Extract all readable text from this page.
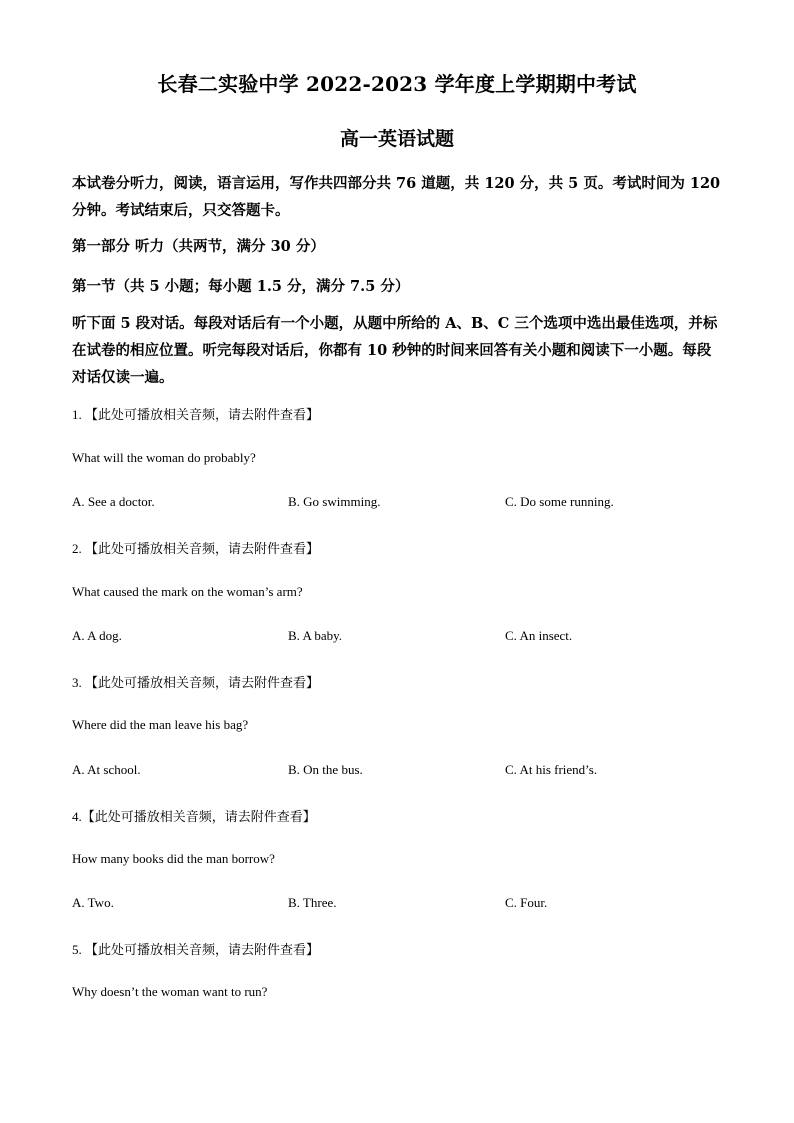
长春二实验中学 2022-2023 学年度上学期期中考试
高一英语试题

本试卷分听力，阅读，语言运用，写作共四部分共 76 道题，共 120 分，共 5 页。考试时间为 120 分钟。考试结束后，只交答题卡。

第一部分 听力（共两节，满分 30 分）

第一节（共 5 小题；每小题 1.5 分，满分 7.5 分）

听下面 5 段对话。每段对话后有一个小题，从题中所给的 A、B、C 三个选项中选出最佳选项，并标在试卷的相应位置。听完每段对话后，你都有 10 秒钟的时间来回答有关小题和阅读下一小题。每段对话仅读一遍。

1. 【此处可播放相关音频，请去附件查看】

What will the woman do probably?

A. See a doctor.	B. Go swimming.	C. Do some running.

2. 【此处可播放相关音频，请去附件查看】

What caused the mark on the woman’s arm?

A. A dog.	B. A baby.	C. An insect.

3. 【此处可播放相关音频，请去附件查看】

Where did the man leave his bag?

A. At school.	B. On the bus.	C. At his friend’s.

4.【此处可播放相关音频，请去附件查看】

How many books did the man borrow?

A. Two.	B. Three.	C. Four.

5. 【此处可播放相关音频，请去附件查看】

Why doesn’t the woman want to run?
